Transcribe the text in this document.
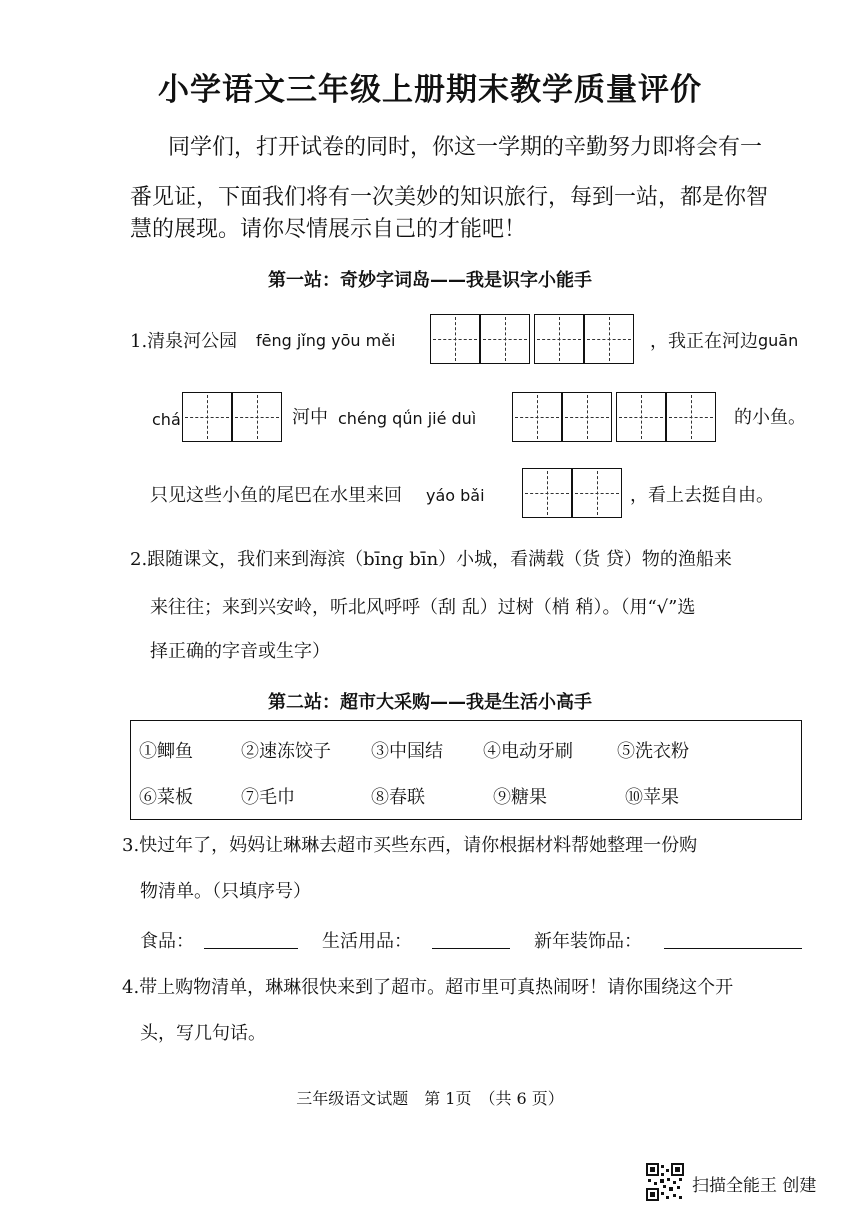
小学语文三年级上册期末教学质量评价
同学们，打开试卷的同时，你这一学期的辛勤努力即将会有一
番见证，下面我们将有一次美妙的知识旅行，每到一站，都是你智
慧的展现。请你尽情展示自己的才能吧！
第一站：奇妙字词岛——我是识字小能手
1.清泉河公园 fēng jǐng yōu měi	，我正在河边 guān
chá	河中 chéng qǘn jié duì	的小鱼。
只见这些小鱼的尾巴在水里来回 yáo bǎi	，看上去挺自由。
2.跟随课文，我们来到海滨（bīng bīn）小城，看满载（货 贷）物的渔船来
来往往；来到兴安岭，听北风呼呼（刮 乱）过树（梢 稍）。（用“√”选
择正确的字音或生字）
第二站：超市大采购——我是生活小高手
①鲫鱼	②速冻饺子 ③中国结 ④电动牙刷 ⑤洗衣粉
⑥菜板	⑦毛巾	⑧春联	⑨糖果	⑩苹果
3.快过年了，妈妈让琳琳去超市买些东西，请你根据材料帮她整理一份购
物清单。（只填序号）
食品：	生活用品：	新年装饰品：
4.带上购物清单，琳琳很快来到了超市。超市里可真热闹呀！请你围绕这个开
头，写几句话。
三年级语文试题　第 1页　（共 6 页）
扫描全能王 创建
